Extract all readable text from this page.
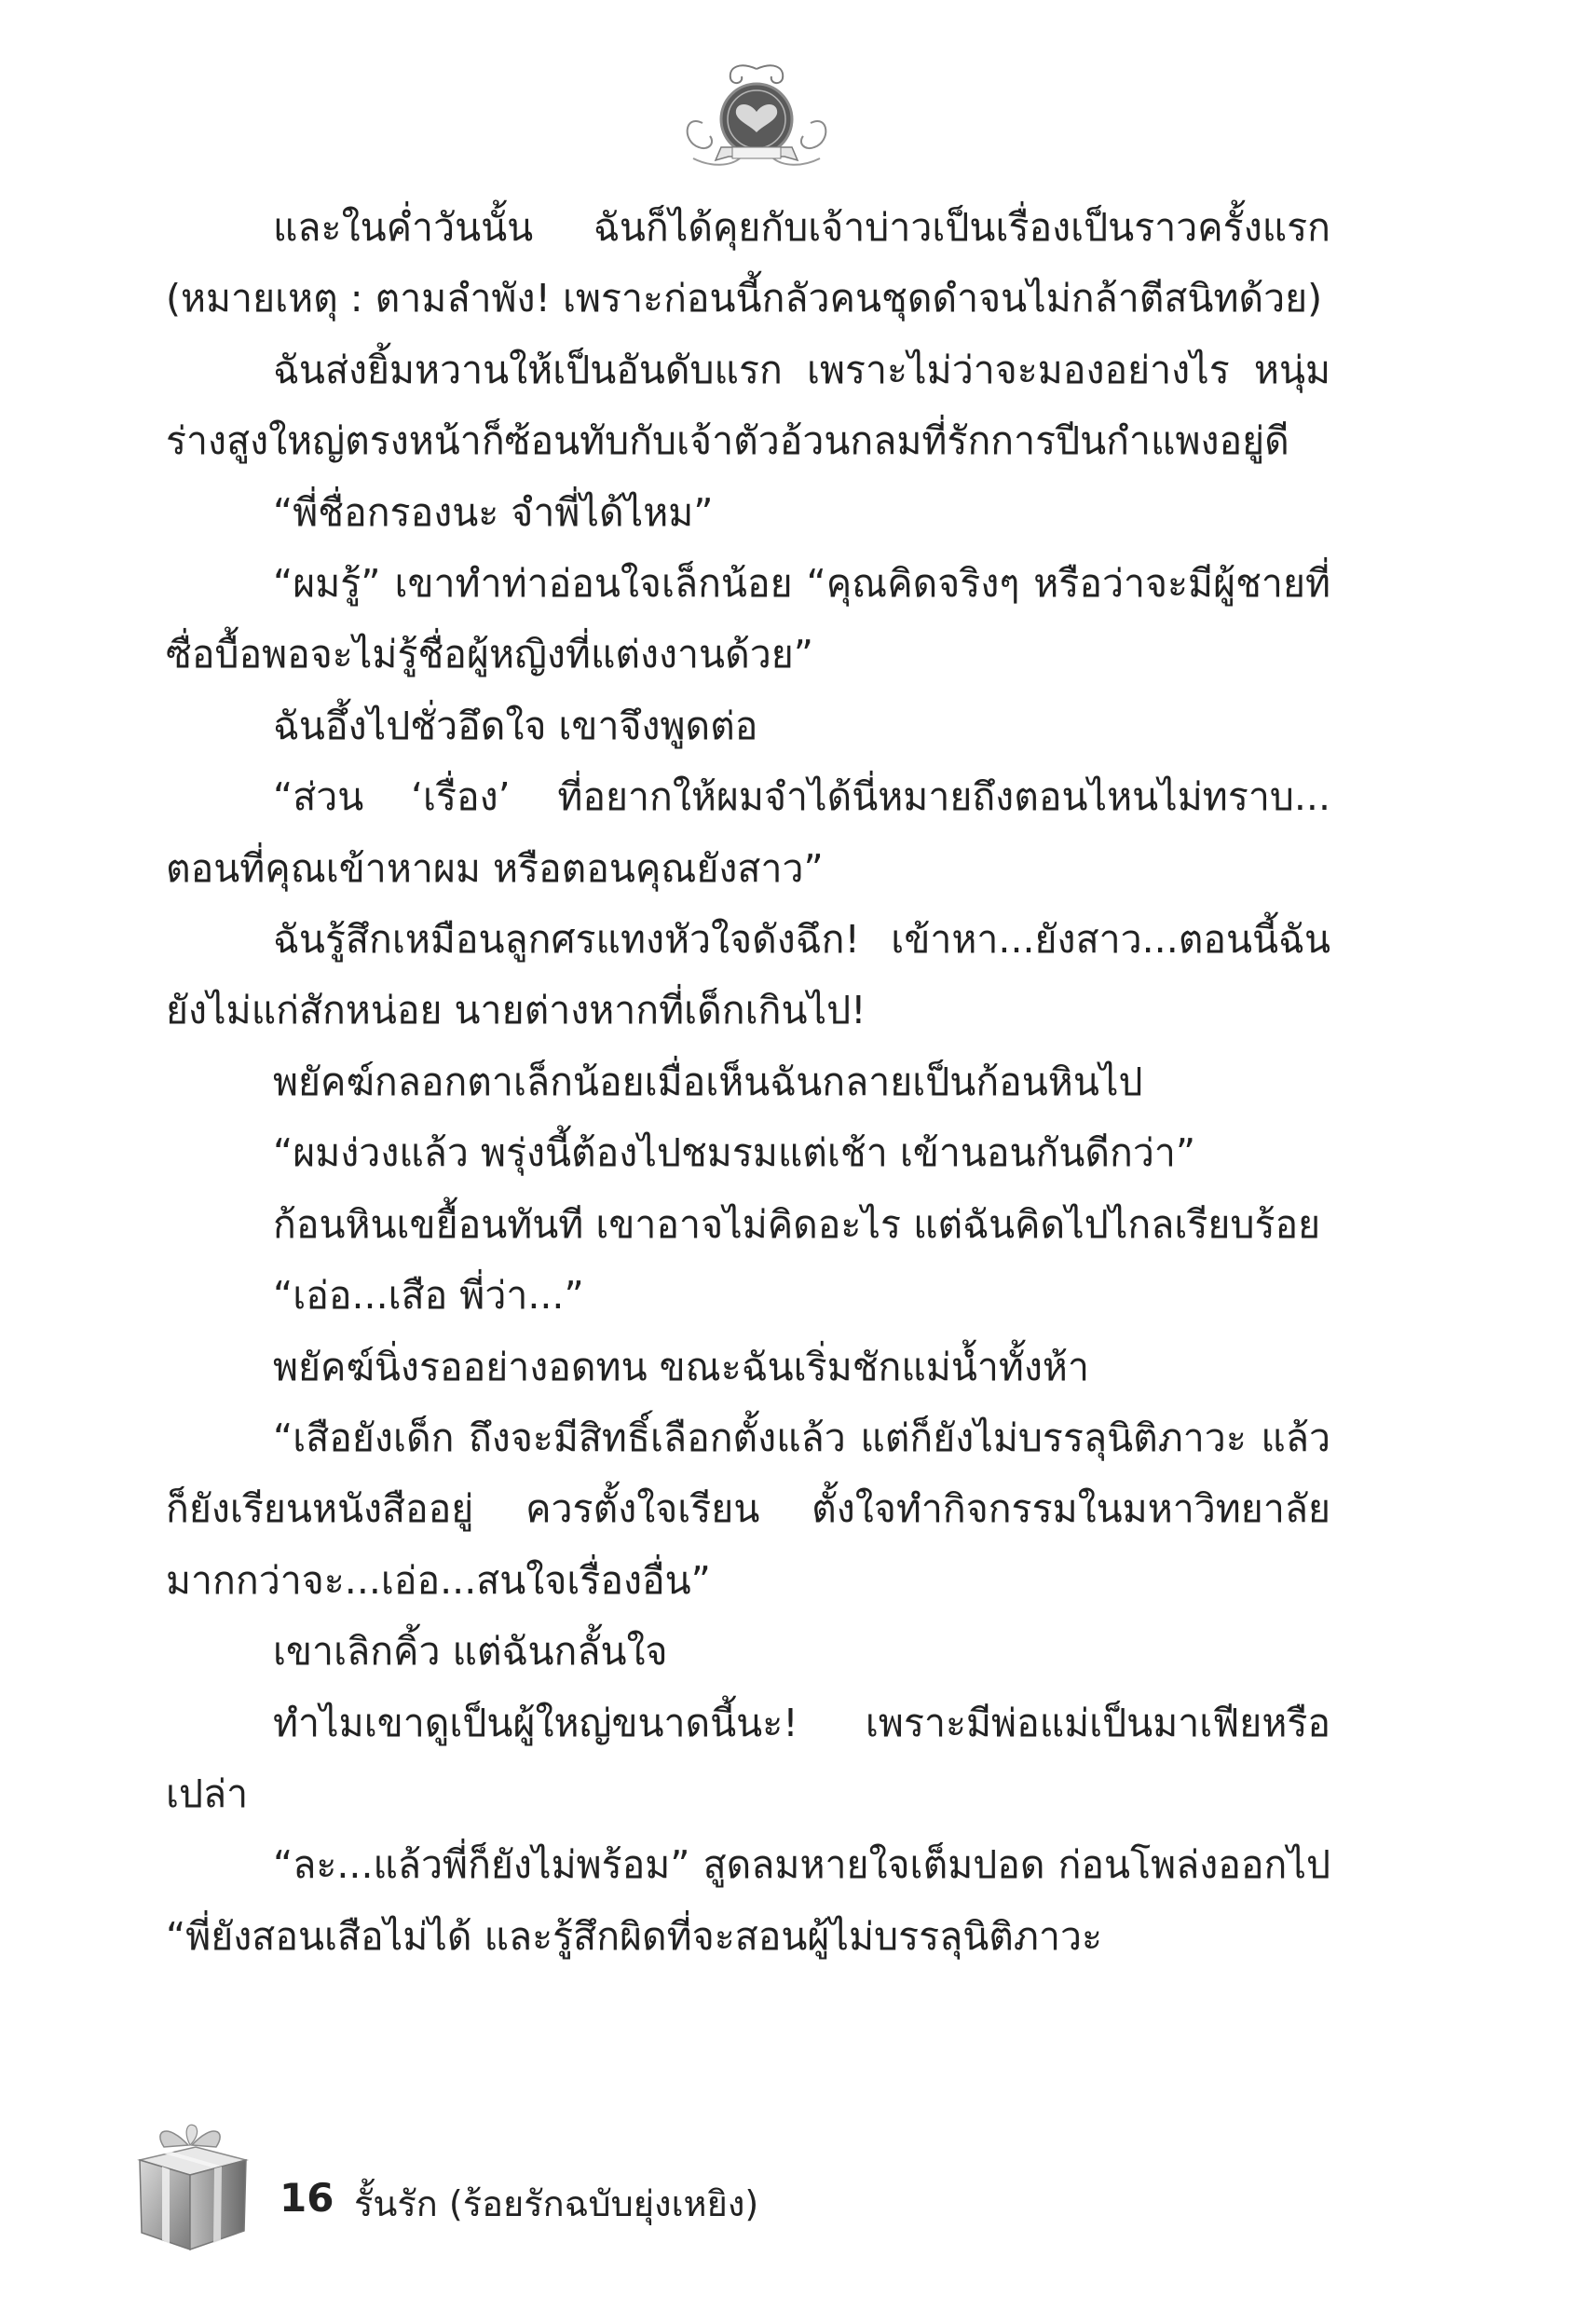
และในค่ำวันนั้น ฉันก็ได้คุยกับเจ้าบ่าวเป็นเรื่องเป็นราวครั้งแรก (หมายเหตุ : ตามลำพัง! เพราะก่อนนี้กลัวคนชุดดำจนไม่กล้าตีสนิทด้วย)

ฉันส่งยิ้มหวานให้เป็นอันดับแรก เพราะไม่ว่าจะมองอย่างไร หนุ่มร่างสูงใหญ่ตรงหน้าก็ซ้อนทับกับเจ้าตัวอ้วนกลมที่รักการปีนกำแพงอยู่ดี

“พี่ชื่อกรองนะ จำพี่ได้ไหม”

“ผมรู้” เขาทำท่าอ่อนใจเล็กน้อย “คุณคิดจริงๆ หรือว่าจะมีผู้ชายที่ซื่อบื้อพอจะไม่รู้ชื่อผู้หญิงที่แต่งงานด้วย”

ฉันอึ้งไปชั่วอึดใจ เขาจึงพูดต่อ

“ส่วน ‘เรื่อง’ ที่อยากให้ผมจำได้นี่หมายถึงตอนไหนไม่ทราบ... ตอนที่คุณเข้าหาผม หรือตอนคุณยังสาว”

ฉันรู้สึกเหมือนลูกศรแทงหัวใจดังฉึก! เข้าหา...ยังสาว...ตอนนี้ฉันยังไม่แก่สักหน่อย นายต่างหากที่เด็กเกินไป!

พยัคฆ์กลอกตาเล็กน้อยเมื่อเห็นฉันกลายเป็นก้อนหินไป

“ผมง่วงแล้ว พรุ่งนี้ต้องไปชมรมแต่เช้า เข้านอนกันดีกว่า”

ก้อนหินเขยื้อนทันที เขาอาจไม่คิดอะไร แต่ฉันคิดไปไกลเรียบร้อย

“เอ่อ...เสือ พี่ว่า...”

พยัคฆ์นิ่งรออย่างอดทน ขณะฉันเริ่มชักแม่น้ำทั้งห้า

“เสือยังเด็ก ถึงจะมีสิทธิ์เลือกตั้งแล้ว แต่ก็ยังไม่บรรลุนิติภาวะ แล้วก็ยังเรียนหนังสืออยู่ ควรตั้งใจเรียน ตั้งใจทำกิจกรรมในมหาวิทยาลัยมากกว่าจะ...เอ่อ...สนใจเรื่องอื่น”

เขาเลิกคิ้ว แต่ฉันกลั้นใจ

ทำไมเขาดูเป็นผู้ใหญ่ขนาดนี้นะ! เพราะมีพ่อแม่เป็นมาเฟียหรือเปล่า

“ละ...แล้วพี่ก็ยังไม่พร้อม” สูดลมหายใจเต็มปอด ก่อนโพล่งออกไป “พี่ยังสอนเสือไม่ได้ และรู้สึกผิดที่จะสอนผู้ไม่บรรลุนิติภาวะ

16 รั้นรัก (ร้อยรักฉบับยุ่งเหยิง)
